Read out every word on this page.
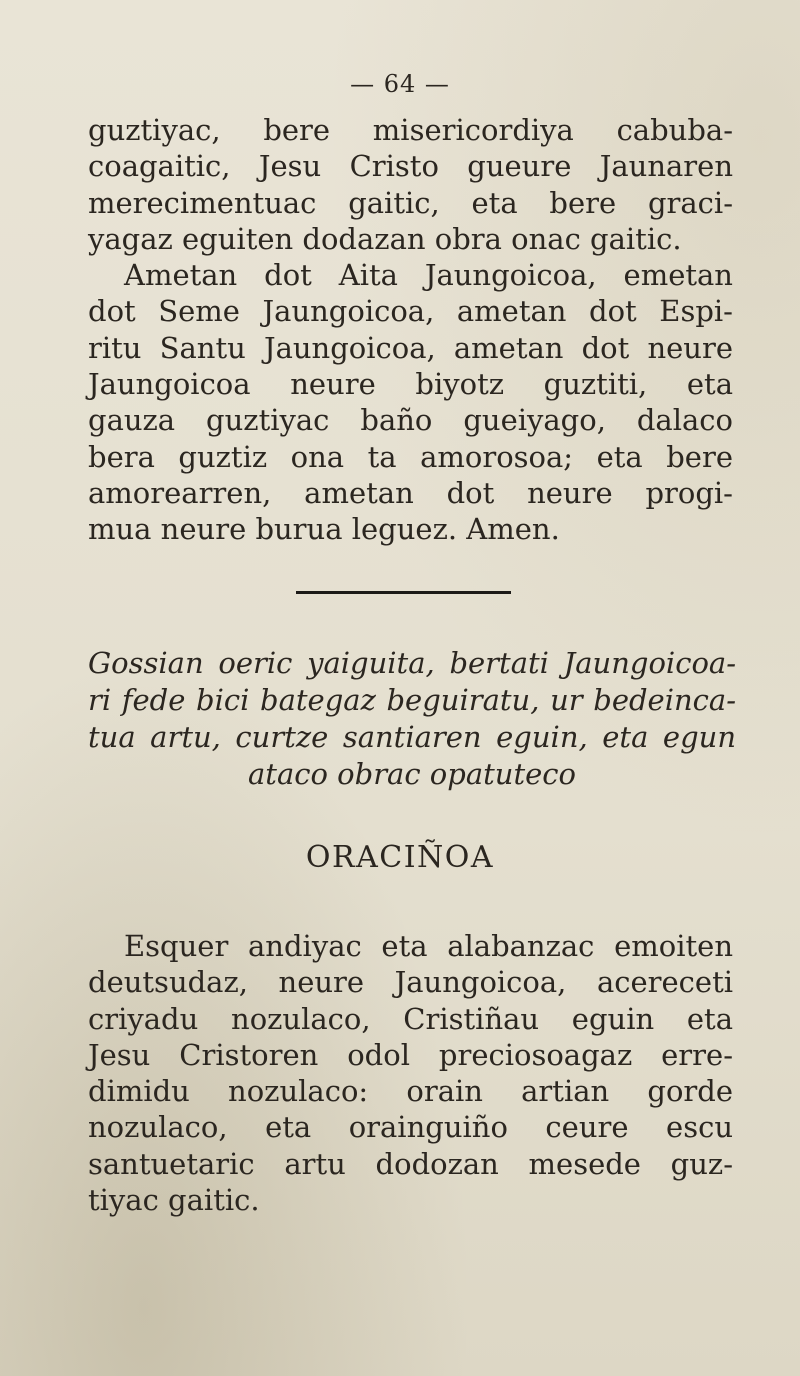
— 64 —
guztiyac, bere misericordiya cabuba-
coagaitic, Jesu Cristo gueure Jaunaren
merecimentuac gaitic, eta bere graci-
yagaz eguiten dodazan obra onac gaitic.
Ametan dot Aita Jaungoicoa, emetan
dot Seme Jaungoicoa, ametan dot Espi-
ritu Santu Jaungoicoa, ametan dot neure
Jaungoicoa neure biyotz guztiti, eta
gauza guztiyac baño gueiyago, dalaco
bera guztiz ona ta amorosoa; eta bere
amorearren, ametan dot neure progi-
mua neure burua leguez. Amen.
Gossian oeric yaiguita, bertati Jaungoicoa-
ri fede bici bategaz beguiratu, ur bedeinca-
tua artu, curtze santiaren eguin, eta egun
ataco obrac opatuteco
ORACIÑOA
Esquer andiyac eta alabanzac emoiten
deutsudaz, neure Jaungoicoa, acereceti
criyadu nozulaco, Cristiñau eguin eta
Jesu Cristoren odol preciosoagaz erre-
dimidu nozulaco: orain artian gorde
nozulaco, eta orainguiño ceure escu
santuetaric artu dodozan mesede guz-
tiyac gaitic.
